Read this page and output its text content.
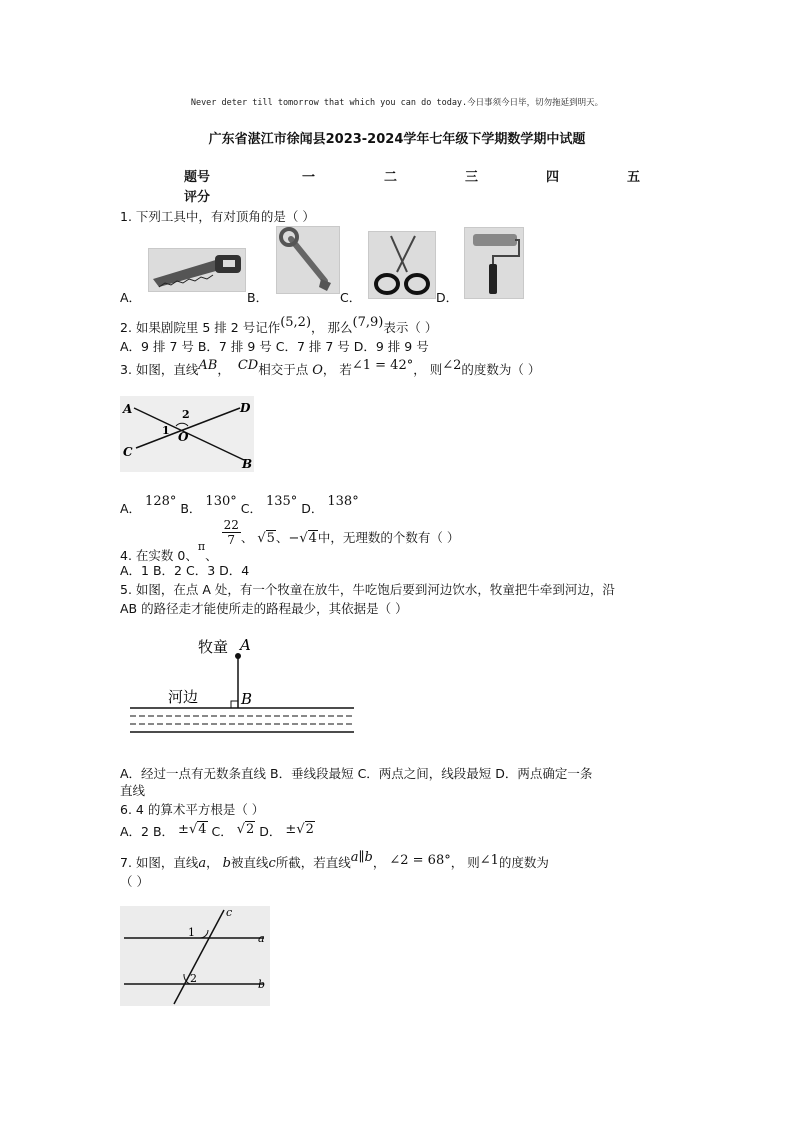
Never deter till tomorrow that which you can do today.今日事须今日毕，切勿拖延到明天。
广东省湛江市徐闻县2023-2024学年七年级下学期数学期中试题
题号	一	二	三	四	五
评分
1. 下列工具中，有对顶角的是（ ）
A．	B．	C．	D．
2. 如果剧院里 5 排 2 号记作(5,2)， 那么(7,9)表示（ ）
A．9 排 7 号 B．7 排 9 号 C．7 排 7 号 D．9 排 9 号
3. 如图，直线AB， CD相交于点 O， 若∠1 = 42°， 则∠2的度数为（ ）
A	D
C
B
O
1
2
A． 128° B． 130° C． 135° D． 138°
4. 在实数 0、π、
$\frac{22}{7}$ 、 √5、−√4中，无理数的个数有（ ）
A．1 B．2 C．3 D．4
5. 如图，在点 A 处，有一个牧童在放牛，牛吃饱后要到河边饮水，牧童把牛牵到河边，沿
AB 的路径走才能使所走的路程最少，其依据是（ ）
牧童 A
河边	B
A．经过一点有无数条直线 B．垂线段最短 C．两点之间，线段最短 D．两点确定一条
直线
6. 4 的算术平方根是（ ）
A．2 B． ±√4 C． √2 D． ±√2
7. 如图，直线a， b被直线c所截，若直线a∥b， ∠2 = 68°， 则∠1的度数为
（ ）
c
a
b
1
2
